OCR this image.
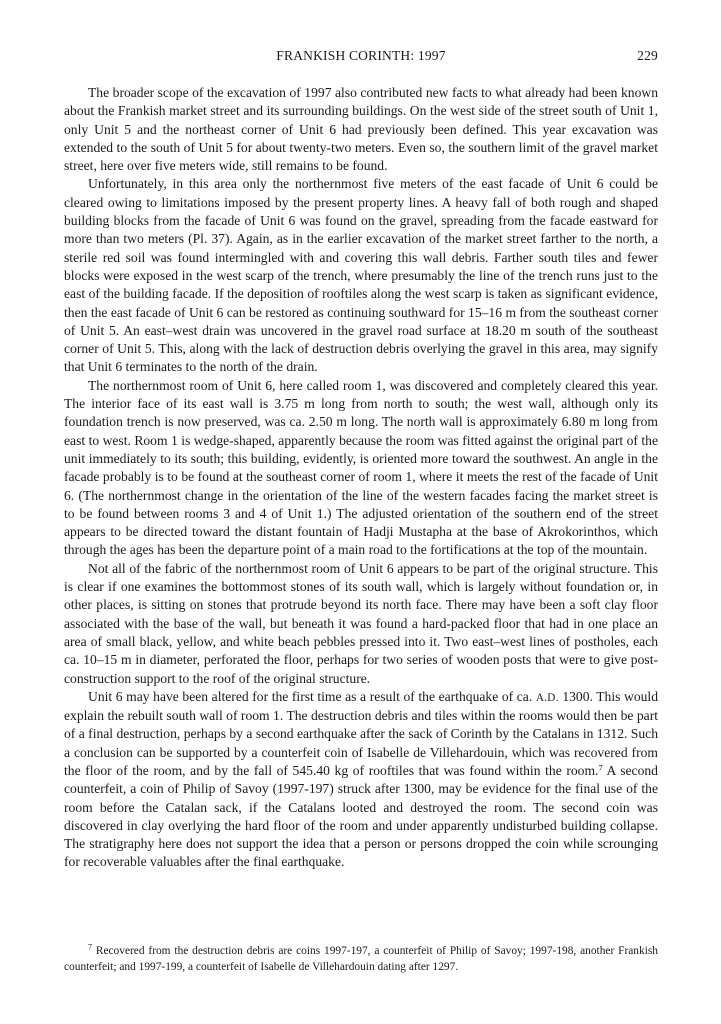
FRANKISH CORINTH: 1997	229

The broader scope of the excavation of 1997 also contributed new facts to what already had been known about the Frankish market street and its surrounding buildings. On the west side of the street south of Unit 1, only Unit 5 and the northeast corner of Unit 6 had previously been defined. This year excavation was extended to the south of Unit 5 for about twenty-two meters. Even so, the southern limit of the gravel market street, here over five meters wide, still remains to be found.

Unfortunately, in this area only the northernmost five meters of the east facade of Unit 6 could be cleared owing to limitations imposed by the present property lines. A heavy fall of both rough and shaped building blocks from the facade of Unit 6 was found on the gravel, spreading from the facade eastward for more than two meters (Pl. 37). Again, as in the earlier excavation of the market street farther to the north, a sterile red soil was found intermingled with and covering this wall debris. Farther south tiles and fewer blocks were exposed in the west scarp of the trench, where presumably the line of the trench runs just to the east of the building facade. If the deposition of rooftiles along the west scarp is taken as significant evidence, then the east facade of Unit 6 can be restored as continuing southward for 15–16 m from the southeast corner of Unit 5. An east–west drain was uncovered in the gravel road surface at 18.20 m south of the southeast corner of Unit 5. This, along with the lack of destruction debris overlying the gravel in this area, may signify that Unit 6 terminates to the north of the drain.

The northernmost room of Unit 6, here called room 1, was discovered and completely cleared this year. The interior face of its east wall is 3.75 m long from north to south; the west wall, although only its foundation trench is now preserved, was ca. 2.50 m long. The north wall is approximately 6.80 m long from east to west. Room 1 is wedge-shaped, apparently because the room was fitted against the original part of the unit immediately to its south; this building, evidently, is oriented more toward the southwest. An angle in the facade probably is to be found at the southeast corner of room 1, where it meets the rest of the facade of Unit 6. (The northernmost change in the orientation of the line of the western facades facing the market street is to be found between rooms 3 and 4 of Unit 1.) The adjusted orientation of the southern end of the street appears to be directed toward the distant fountain of Hadji Mustapha at the base of Akrokorinthos, which through the ages has been the departure point of a main road to the fortifications at the top of the mountain.

Not all of the fabric of the northernmost room of Unit 6 appears to be part of the original structure. This is clear if one examines the bottommost stones of its south wall, which is largely without foundation or, in other places, is sitting on stones that protrude beyond its north face. There may have been a soft clay floor associated with the base of the wall, but beneath it was found a hard-packed floor that had in one place an area of small black, yellow, and white beach pebbles pressed into it. Two east–west lines of postholes, each ca. 10–15 m in diameter, perforated the floor, perhaps for two series of wooden posts that were to give post-construction support to the roof of the original structure.

Unit 6 may have been altered for the first time as a result of the earthquake of ca. A.D. 1300. This would explain the rebuilt south wall of room 1. The destruction debris and tiles within the rooms would then be part of a final destruction, perhaps by a second earthquake after the sack of Corinth by the Catalans in 1312. Such a conclusion can be supported by a counterfeit coin of Isabelle de Villehardouin, which was recovered from the floor of the room, and by the fall of 545.40 kg of rooftiles that was found within the room.$^7$ A second counterfeit, a coin of Philip of Savoy (1997-197) struck after 1300, may be evidence for the final use of the room before the Catalan sack, if the Catalans looted and destroyed the room. The second coin was discovered in clay overlying the hard floor of the room and under apparently undisturbed building collapse. The stratigraphy here does not support the idea that a person or persons dropped the coin while scrounging for recoverable valuables after the final earthquake.

$^7$ Recovered from the destruction debris are coins 1997-197, a counterfeit of Philip of Savoy; 1997-198, another Frankish counterfeit; and 1997-199, a counterfeit of Isabelle de Villehardouin dating after 1297.
